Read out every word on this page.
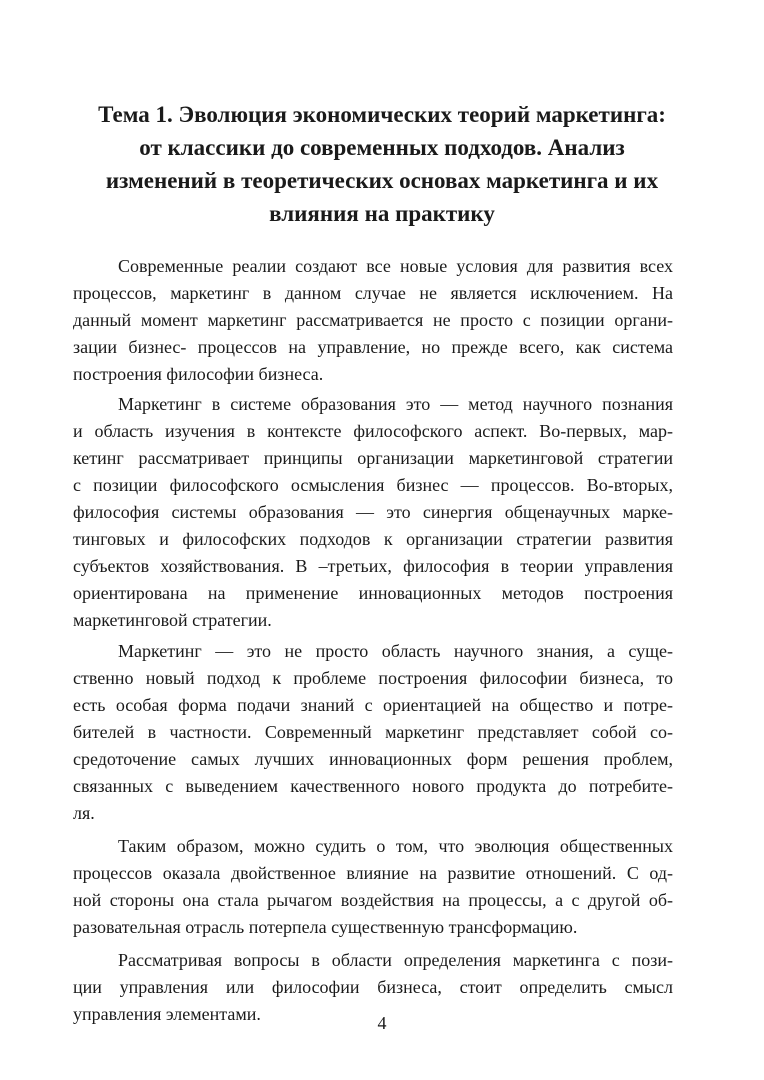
Тема 1. Эволюция экономических теорий маркетинга:
от классики до современных подходов. Анализ
изменений в теоретических основах маркетинга и их
влияния на практику

Современные реалии создают все новые условия для развития всех
процессов, маркетинг в данном случае не является исключением. На
данный момент маркетинг рассматривается не просто с позиции органи-
зации бизнес- процессов на управление, но прежде всего, как система
построения философии бизнеса.

Маркетинг в системе образования это — метод научного познания
и область изучения в контексте философского аспект. Во-первых, мар-
кетинг рассматривает принципы организации маркетинговой стратегии
с позиции философского осмысления бизнес — процессов. Во-вторых,
философия системы образования — это синергия общенаучных марке-
тинговых и философских подходов к организации стратегии развития
субъектов хозяйствования. В –третьих, философия в теории управления
ориентирована на применение инновационных методов построения
маркетинговой стратегии.

Маркетинг — это не просто область научного знания, а суще-
ственно новый подход к проблеме построения философии бизнеса, то
есть особая форма подачи знаний с ориентацией на общество и потре-
бителей в частности. Современный маркетинг представляет собой со-
средоточение самых лучших инновационных форм решения проблем,
связанных с выведением качественного нового продукта до потребите-
ля.

Таким образом, можно судить о том, что эволюция общественных
процессов оказала двойственное влияние на развитие отношений. С од-
ной стороны она стала рычагом воздействия на процессы, а с другой об-
разовательная отрасль потерпела существенную трансформацию.

Рассматривая вопросы в области определения маркетинга с пози-
ции управления или философии бизнеса, стоит определить смысл
управления элементами.	4
